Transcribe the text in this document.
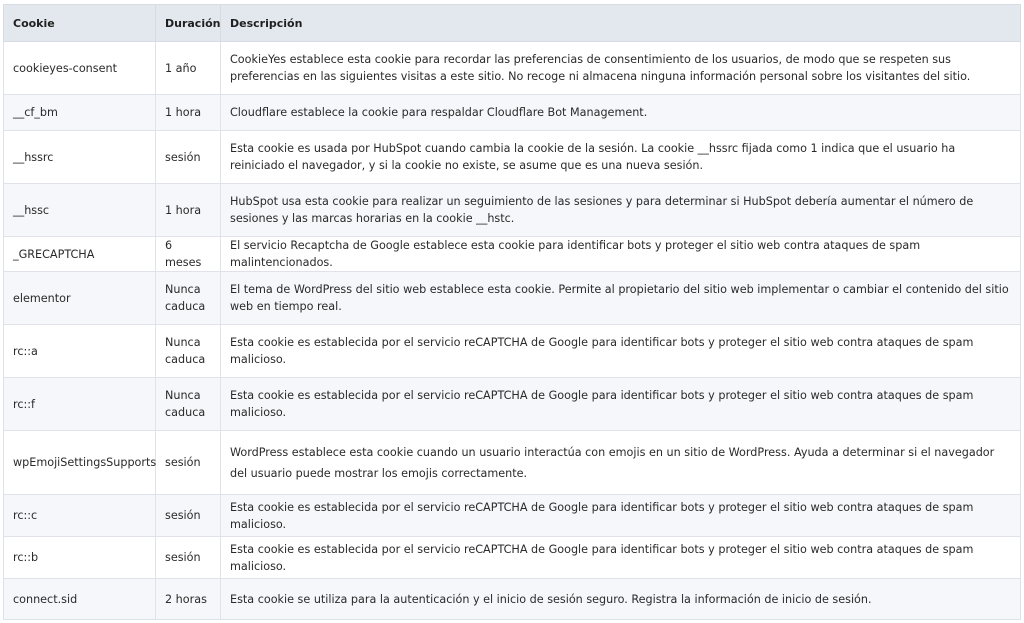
Cookie	Duración	Descripción
cookieyes-consent	1 año	CookieYes establece esta cookie para recordar las preferencias de consentimiento de los usuarios, de modo que se respeten sus preferencias en las siguientes visitas a este sitio. No recoge ni almacena ninguna información personal sobre los visitantes del sitio.
__cf_bm	1 hora	Cloudflare establece la cookie para respaldar Cloudflare Bot Management.
__hssrc	sesión	Esta cookie es usada por HubSpot cuando cambia la cookie de la sesión. La cookie __hssrc fijada como 1 indica que el usuario ha reiniciado el navegador, y si la cookie no existe, se asume que es una nueva sesión.
__hssc	1 hora	HubSpot usa esta cookie para realizar un seguimiento de las sesiones y para determinar si HubSpot debería aumentar el número de sesiones y las marcas horarias en la cookie __hstc.
_GRECAPTCHA	6 meses	El servicio Recaptcha de Google establece esta cookie para identificar bots y proteger el sitio web contra ataques de spam malintencionados.
elementor	Nunca caduca	El tema de WordPress del sitio web establece esta cookie. Permite al propietario del sitio web implementar o cambiar el contenido del sitio web en tiempo real.
rc::a	Nunca caduca	Esta cookie es establecida por el servicio reCAPTCHA de Google para identificar bots y proteger el sitio web contra ataques de spam malicioso.
rc::f	Nunca caduca	Esta cookie es establecida por el servicio reCAPTCHA de Google para identificar bots y proteger el sitio web contra ataques de spam malicioso.
wpEmojiSettingsSupports	sesión	WordPress establece esta cookie cuando un usuario interactúa con emojis en un sitio de WordPress. Ayuda a determinar si el navegador del usuario puede mostrar los emojis correctamente.
rc::c	sesión	Esta cookie es establecida por el servicio reCAPTCHA de Google para identificar bots y proteger el sitio web contra ataques de spam malicioso.
rc::b	sesión	Esta cookie es establecida por el servicio reCAPTCHA de Google para identificar bots y proteger el sitio web contra ataques de spam malicioso.
connect.sid	2 horas	Esta cookie se utiliza para la autenticación y el inicio de sesión seguro. Registra la información de inicio de sesión.
